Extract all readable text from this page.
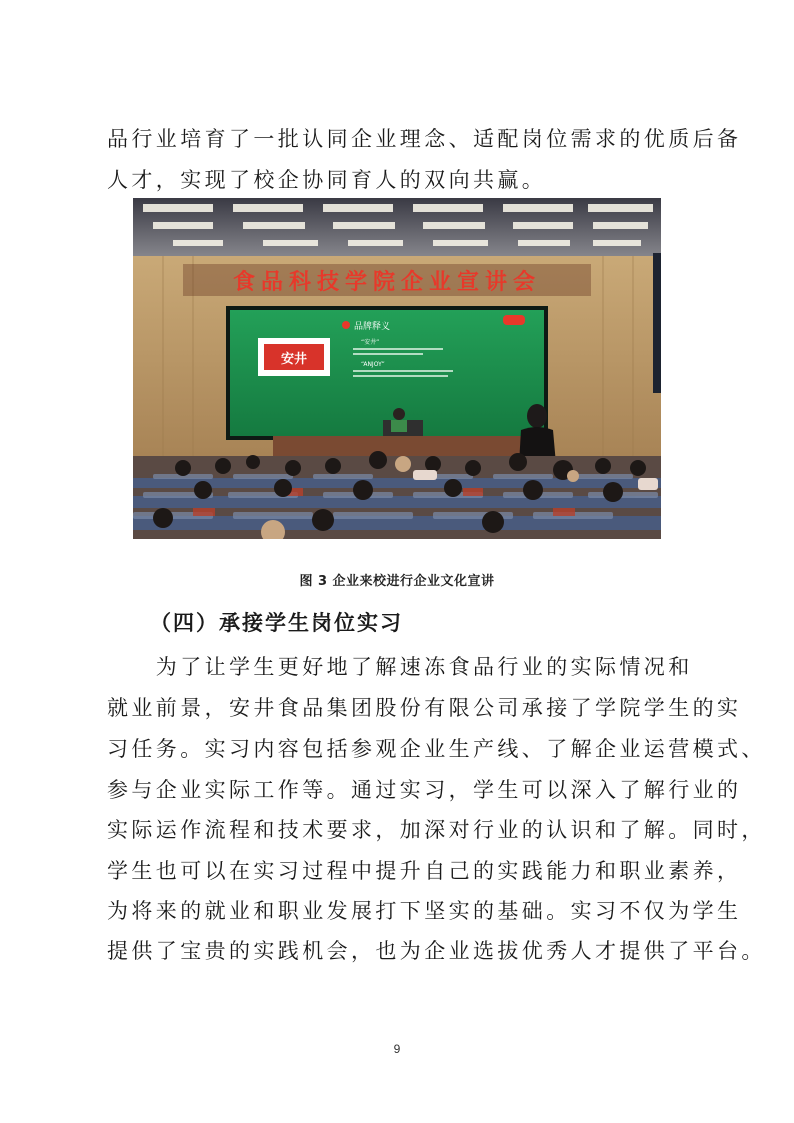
品行业培育了一批认同企业理念、适配岗位需求的优质后备
人才，实现了校企协同育人的双向共赢。
食品科技学院企业宣讲会
品牌释义
安井
“安井”
“ANJOY”
图 3 企业来校进行企业文化宣讲
（四）承接学生岗位实习
　　为了让学生更好地了解速冻食品行业的实际情况和
就业前景，安井食品集团股份有限公司承接了学院学生的实
习任务。实习内容包括参观企业生产线、了解企业运营模式、
参与企业实际工作等。通过实习，学生可以深入了解行业的
实际运作流程和技术要求，加深对行业的认识和了解。同时，
学生也可以在实习过程中提升自己的实践能力和职业素养，
为将来的就业和职业发展打下坚实的基础。实习不仅为学生
提供了宝贵的实践机会，也为企业选拔优秀人才提供了平台。
9
